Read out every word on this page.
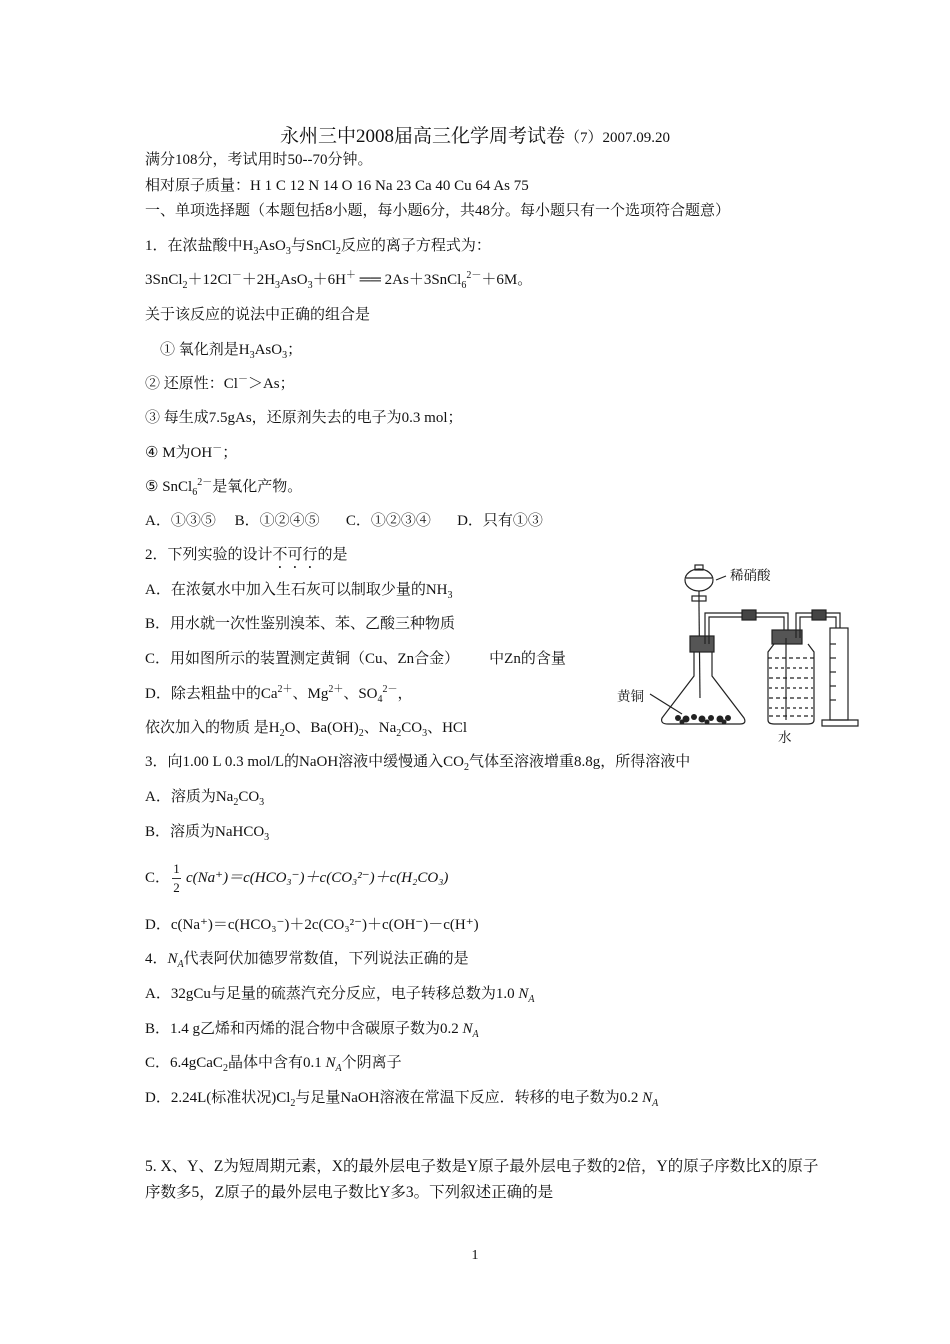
永州三中2008届高三化学周考试卷（7）2007.09.20
满分108分，考试用时50--70分钟。
相对原子质量：H 1 C 12 N 14 O 16 Na 23 Ca 40 Cu 64 As 75
一、单项选择题（本题包括8小题，每小题6分，共48分。每小题只有一个选项符合题意）
1．在浓盐酸中$H_3AsO_3$与SnCl$_2$反应的离子方程式为：
$3SnCl_2+12Cl^-+2H_3AsO_3+6H^+$ ══ 2As＋3SnCl$_6^{2-}$＋6M。
关于该反应的说法中正确的组合是
① 氧化剂是$H_3AsO_3$；
② 还原性：Cl－＞As；
③ 每生成7.5gAs，还原剂失去的电子为0.3 mol；
④ M为OH－；
⑤ SnCl$_6^{2-}$是氧化产物。
A．①③⑤     B．①②④⑤       C．①②③④       D．只有①③
2．下列实验的设计不可行的是
A．在浓氨水中加入生石灰可以制取少量的$NH_3$
B．用水就一次性鉴别溴苯、苯、乙酸三种物质
C．用如图所示的装置测定黄铜（Cu、Zn合金）        中Zn的含量
D．除去粗盐中的$Ca^{2+}$、$Mg^{2+}$、$SO_4^{2-}$，
依次加入的物质 是$H_2O$、$Ba(OH)_2$、$Na_2CO_3$、HCl
稀硝酸
黄铜
水
3．向1.00 L 0.3 mol/L的NaOH溶液中缓慢通入$CO_2$气体至溶液增重8.8g，所得溶液中
A．溶质为$Na_2CO_3$
B．溶质为NaHCO$_3$
C． $\frac{1}{2} c(Na^+)=c(HCO_3^-)+c(CO_3^{2-})+c(H_2CO_3)$
D．c(Na⁺)＝c(HCO₃⁻)＋2c(CO₃²⁻)＋c(OH⁻)－c(H⁺)
4．$N_A$代表阿伏加德罗常数值，下列说法正确的是
A．32gCu与足量的硫蒸汽充分反应，电子转移总数为1.0 $N_A$
B．1.4 g乙烯和丙烯的混合物中含碳原子数为0.2 $N_A$
C．6.4gCaC$_2$晶体中含有0.1 $N_A$个阴离子
D．2.24L(标准状况)$Cl_2$与足量NaOH溶液在常温下反应．转移的电子数为0.2 $N_A$
5. X、Y、Z为短周期元素，X的最外层电子数是Y原子最外层电子数的2倍，Y的原子序数比X的原子序数多5，Z原子的最外层电子数比Y多3。下列叙述正确的是
1
